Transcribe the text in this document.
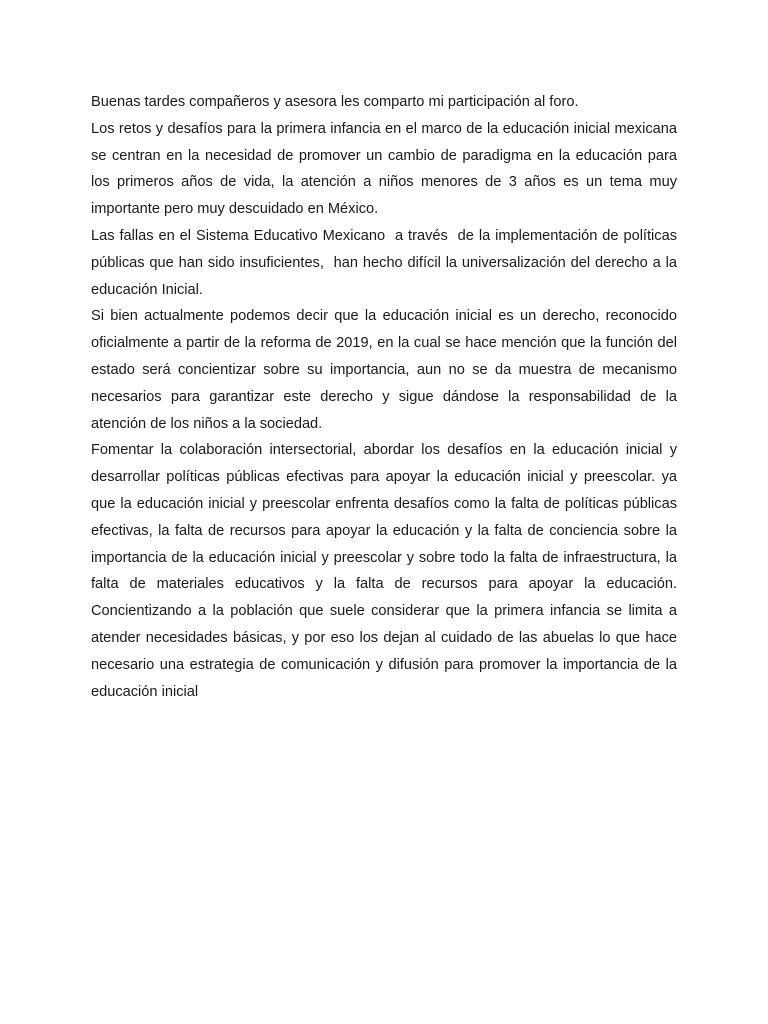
Buenas tardes compañeros y asesora les comparto mi participación al foro.

Los retos y desafíos para la primera infancia en el marco de la educación inicial mexicana se centran en la necesidad de promover un cambio de paradigma en la educación para los primeros años de vida, la atención a niños menores de 3 años es un tema muy importante pero muy descuidado en México.

Las fallas en el Sistema Educativo Mexicano  a través  de la implementación de políticas públicas que han sido insuficientes,  han hecho difícil la universalización del derecho a la educación Inicial.

Si bien actualmente podemos decir que la educación inicial es un derecho, reconocido oficialmente a partir de la reforma de 2019, en la cual se hace mención que la función del estado será concientizar sobre su importancia, aun no se da muestra de mecanismo necesarios para garantizar este derecho y sigue dándose la responsabilidad de la atención de los niños a la sociedad.

Fomentar la colaboración intersectorial, abordar los desafíos en la educación inicial y desarrollar políticas públicas efectivas para apoyar la educación inicial y preescolar. ya que la educación inicial y preescolar enfrenta desafíos como la falta de políticas públicas efectivas, la falta de recursos para apoyar la educación y la falta de conciencia sobre la importancia de la educación inicial y preescolar y sobre todo la falta de infraestructura, la falta de materiales educativos y la falta de recursos para apoyar la educación. Concientizando a la población que suele considerar que la primera infancia se limita a atender necesidades básicas, y por eso los dejan al cuidado de las abuelas lo que hace necesario una estrategia de comunicación y difusión para promover la importancia de la educación inicial
